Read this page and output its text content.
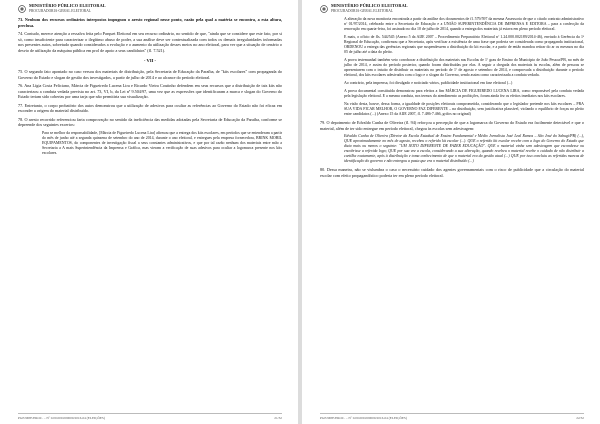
MINISTÉRIO PÚBLICO ELEITORAL
PROCURADORIA-GERAL ELEITORAL

73. Nenhum dos recursos ordinários interpostos impugnou o aresto regional nesse ponto, razão pela qual a matéria se encontra, a esta altura, preclusa.

74. Contudo, merece atenção a ressalva feita pelo Parquet Eleitoral em seu recurso ordinário, no sentido de que, "ainda que se considere que este fato, por si só, como insuficiente para caracterizar o ilegítimo abuso de poder, a sua análise deve ser contextualizada com todos os demais irregularidades informadas nos presentes autos, sobretudo quando considerados a evolução e o aumento da utilização desses meios no ano eleitoral, para ver que a situação de cenário o desvio de utilização da máquina pública em prol de apoio a seus candidatos" (fl. 7.521).

- VII -

75. O segundo fato apontado no caso versou dos materiais de distribuição, pela Secretaria de Educação da Paraíba, de "kits escolares" com propaganda do Governo do Estado e slogan de gestão dos investigados, a partir de julho de 2014 e ao alcance do período eleitoral.

76. Ana Lígia Costa Feliciano, Márcia de Figueiredo Lucena Lira e Ricardo Vieira Coutinho defendem em seus recursos que a distribuição de tais kits não caracterizou a conduta vedada prevista no art. 73, VI, b, da Lei nº 9.504/97, uma vez que as expressões que identificaram a marca e slogan do Governo do Estado teriam sido cobertas por uma tarja que não permitiria sua visualização.

77. Entretanto, o corpo probatório dos autos demonstrou que a utilização de adesivos para ocultar as referências ao Governo do Estado não foi eficaz em esconder a origem do material distribuído.

78. O aresto recorrido referenciou farta comprovação no sentido da ineficiência das medidas adotadas pela Secretaria de Educação da Paraíba, conforme se depreende dos seguintes excertos:

Para se melhor da responsabilidade, [Márcia de Figueiredo Lucena Lira] afirmou que a entrega dos kits escolares, em períodos que se entenderam a partir do mês de junho até a segunda quinzena de setembro do ano de 2014, durante o ano eleitoral, e entregues pela empresa fornecedora, BRINK MOBIL EQUIPAMENTOS, do componentes de investigação fiscal a seus constantes administrativos, e que por tal razão nenhum dos materiais entre mão a Secretaria a A mais Superintendência da Imprensa e Gráfica, mas vieram a verificação de suas adesivos para ocultar a logomarca presente nos kits escolares.

PGE/MPE/PROC. – Nº 0.00.000.000000/2016-04 (ELEIÇÕES)	21/32
MINISTÉRIO PÚBLICO ELEITORAL
PROCURADORIA-GERAL ELEITORAL

A alteração da nova monitoria encontrada a partir da análise dos documentos de fl. 579/597 da mesma Assessoria de que o citado contrato administrativo nº 01/97/2014, celebrado entre a Secretaria de Educação e a UNIÃO SUPERINTENDÊNCIA DE IMPRENSA E EDITORA – para a confecção da renovação em quarta-feira, foi assinado no dia 10 de julho de 2014, quando a entrega dos materiais já estava em pleno período eleitoral.

E mais, o ofício de fls. 544/545 (Anexo 5 da AIJE 2007 – Procedimento Preparatório Eleitoral nº 1.24.000.002189/2014-46), enviado à Gerência da 1ª Regional de Educação, confirmou que a Secretaria, após verificar a existência de uma frase que poderia ser considerada como propaganda institucional, ORDENOU a entrega das gerências regionais que suspendessem a distribuição do kit escolar, e a partir de então mandou retirar do ar os mesmos no dia 05 de julho até a data do pleito.

A prova testemunhal também veio corroborar a distribuição dos materiais nas Escolas de 1º grau de Ensino do Município de João Pessoa/PB, no mês de julho de 2014, e assim do período posterior, quando foram distribuídas por elas. A seguir a chegada dos materiais às escolas, além de pessoas se apresentarem com o intuito de distribuir os materiais no período de 1º de agosto e setembro de 2014, e comprovada a distribuição durante o período eleitoral, dos kits escolares adesivados com o logo e o slogan do Governo, sendo assim como caracterizada a conduta vedada.

Ao contrário, pela imprensa, foi divulgado e noticiado vários, publicidade institucional em fase eleitoral (...)

A prova documental constituída demonstrou para efeitos a fim MÁRCIA DE FIGUEIREDO LUCENA LIRA, como responsável pela conduta vedada pela legislação eleitoral. E a mesma conduta, nos termos do atendimento as proibições, foram ainda fez os efeitos imediatos nos kits escolares.

Na visão desta, houve, dessa forma, a igualdade de posições eleitorais comprometida, considerando que o legislador pretende nos kits escolares – PRA SUA VIDA FICAR MELHOR, O GOVERNO FAZ DIFERENTE – na distribuição, sem justificativa plausível, violando o equilíbrio de forças no pleito entre candidatos (...) (Anexo 15 da AIJE 2007, fl. 7.486-7.466, grifos no original)

79. O depoimento de Edvaldo Cunha de Oliveira (fl. 94) reforçou a percepção de que a logomarca do Governo do Estado era facilmente detectável e que o material, além de ter sido entregue em período eleitoral, chegou às escolas sem adesivagem:

Edvaldo Cunha de Oliveira (Diretor da Escola Estadual de Ensino Fundamental e Médio Jornalista José Leal Ramos – São José do Sabugi/PB) (...), QUE aproximadamente no mês de agosto, recebeu o referido kit escolar (...). QUE o referido kit escolar recebe com a logo do Governo do Estado que dizia mais ou menos o seguinte: "UM JEITO DIFERENTE DE FAZER EDUCAÇÃO". QUE o material vinha sem adesivagem que escondesse ou encobrisse a referida logo; QUE por sua vez a escola, considerando a sua alteração, quando recebeu o material recebe o cuidado de não distribuir a cartilha exatamente, após à distribuição e toma conhecimento de que o material era da gestão atual (...) QUE por isso concluiu as referidas marcas de identificação do governo e não entregou a pasta que era o material distribuído (...)

80. Dessa maneira, não se vislumbra o caso o necessário cuidado dos agentes governamentais com o risco de publicidade que a circulação do material escolar com efeito propagandístico poderia ter em pleno período eleitoral.

PGE/MPE/PROC. – Nº 0.00.000.000000/2016-04 (ELEIÇÕES)	22/32
